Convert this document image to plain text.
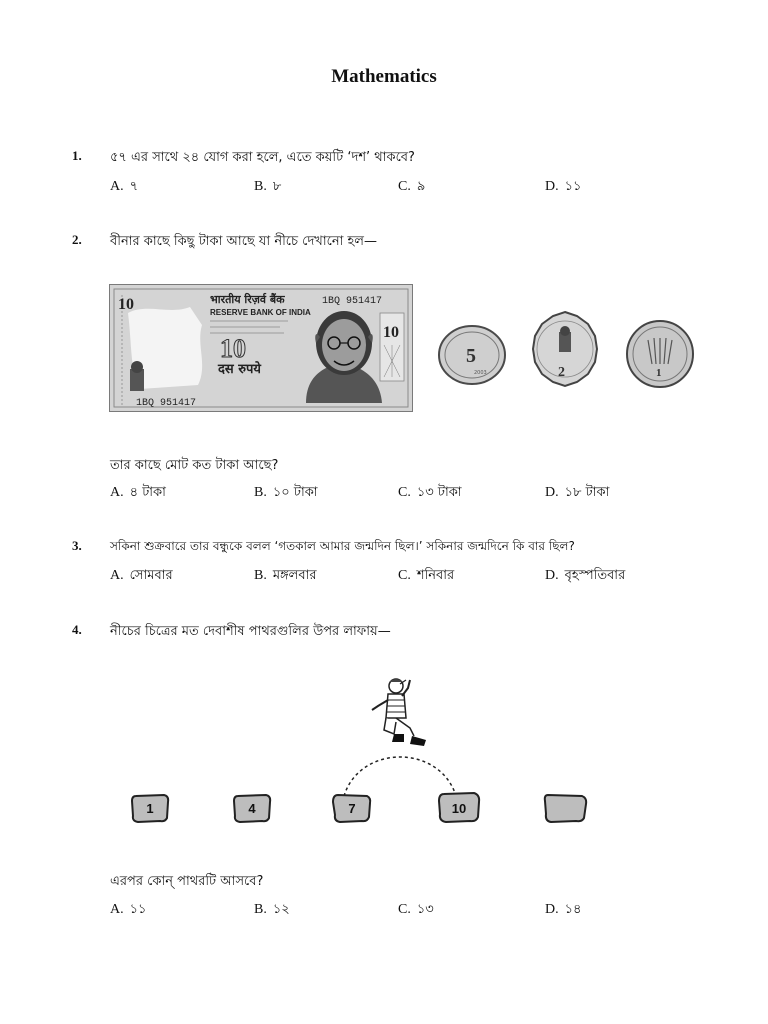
Mathematics
1. ৫৭ এর সাথে ২৪ যোগ করা হলে, এতে কয়টি ‘দশ’ থাকবে?
A. ৭	B. ৮	C. ৯	D. ১১
2. বীনার কাছে কিছু টাকা আছে যা নীচে দেখানো হল—
10	भारतीय रिज़र्व बैंक
RESERVE BANK OF INDIA
1BQ 951417
1BQ 951417
10
दस रुपये
10
5
2003	2	1
তার কাছে মোট কত টাকা আছে?
A. ৪ টাকা	B. ১০ টাকা	C. ১৩ টাকা	D. ১৮ টাকা
3. সকিনা শুক্রবারে তার বন্ধুকে বলল ‘গতকাল আমার জন্মদিন ছিল।’ সকিনার জন্মদিনে কি বার ছিল?
A. সোমবার	B. মঙ্গলবার	C. শনিবার	D. বৃহস্পতিবার
4. নীচের চিত্রের মত দেবাশীষ পাথরগুলির উপর লাফায়—
1	4	7	10
এরপর কোন্ পাথরটি আসবে?
A. ১১	B. ১২	C. ১৩	D. ১৪
